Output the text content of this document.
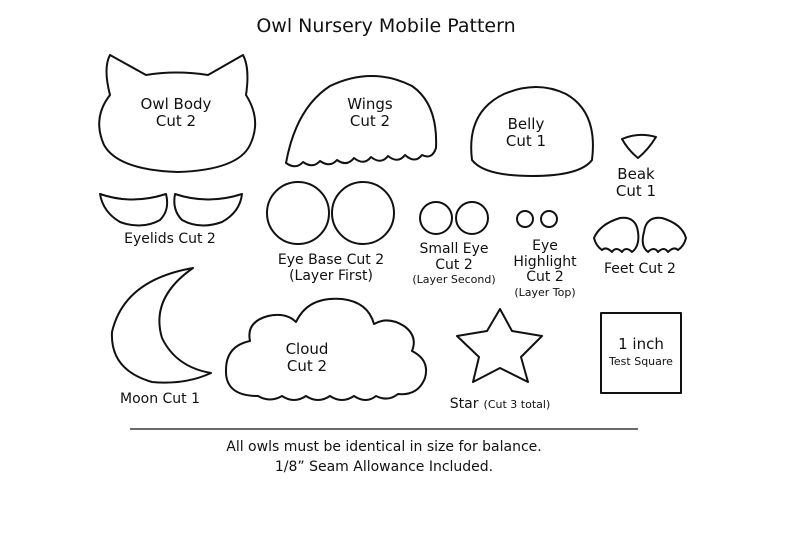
Owl Nursery Mobile Pattern
Owl Body
Cut 2
Wings
Cut 2	Belly
Cut 1
Beak
Cut 1
Eyelids Cut 2
Eye Base Cut 2
(Layer First)
Small Eye
Cut 2
(Layer Second)
Eye
Highlight
Cut 2
(Layer Top)
Feet Cut 2
Moon Cut 1
Cloud
Cut 2
Star (Cut 3 total)
1 inch
Test Square
All owls must be identical in size for balance.
1/8” Seam Allowance Included.
